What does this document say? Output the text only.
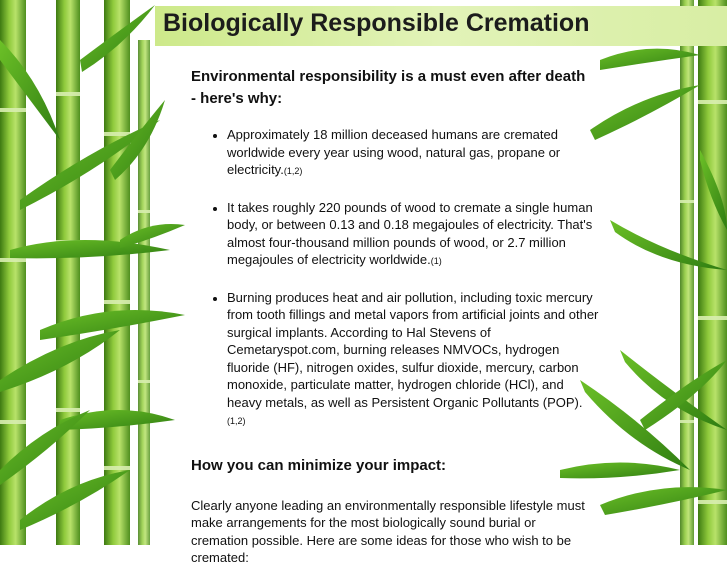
Biologically Responsible Cremation

Environmental responsibility is a must even after death - here's why:

• Approximately 18 million deceased humans are cremated worldwide every year using wood, natural gas, propane or electricity.(1,2)
• It takes roughly 220 pounds of wood to cremate a single human body, or between 0.13 and 0.18 megajoules of electricity. That's almost four-thousand million pounds of wood, or 2.7 million megajoules of electricity worldwide.(1)
• Burning produces heat and air pollution, including toxic mercury from tooth fillings and metal vapors from artificial joints and other surgical implants. According to Hal Stevens of Cemetaryspot.com, burning releases NMVOCs, hydrogen fluoride (HF), nitrogen oxides, sulfur dioxide, mercury, carbon monoxide, particulate matter, hydrogen chloride (HCl), and heavy metals, as well as Persistent Organic Pollutants (POP).(1,2)

How you can minimize your impact:

Clearly anyone leading an environmentally responsible lifestyle must make arrangements for the most biologically sound burial or cremation possible. Here are some ideas for those who wish to be cremated:
